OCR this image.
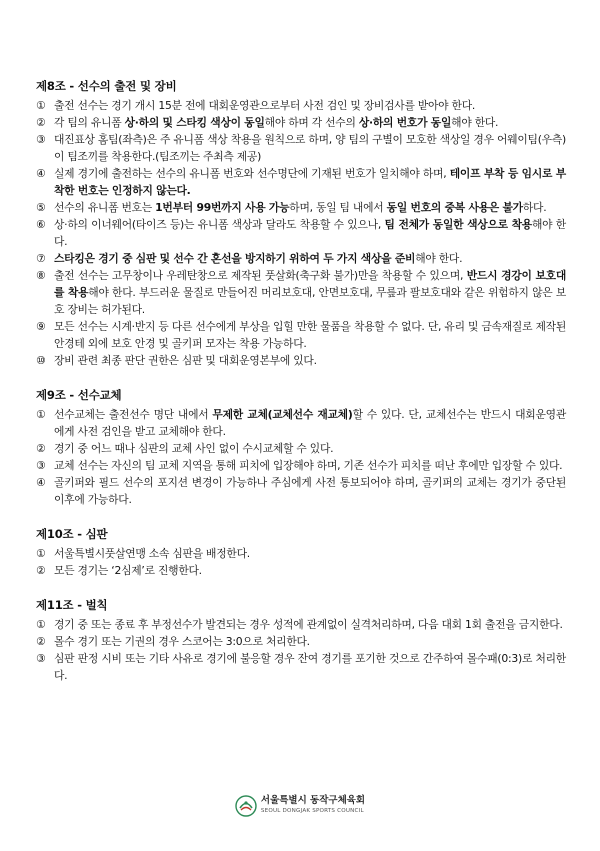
제8조 - 선수의 출전 및 장비
① 출전 선수는 경기 개시 15분 전에 대회운영관으로부터 사전 검인 및 장비검사를 받아야 한다.
② 각 팀의 유니폼 상·하의 및 스타킹 색상이 동일해야 하며 각 선수의 상·하의 번호가 동일해야 한다.
③ 대진표상 홈팀(좌측)은 주 유니폼 색상 착용을 원칙으로 하며, 양 팀의 구별이 모호한 색상일 경우 어웨이팀(우측)이 팀조끼를 착용한다.(팀조끼는 주최측 제공)
④ 실제 경기에 출전하는 선수의 유니폼 번호와 선수명단에 기재된 번호가 일치해야 하며, 테이프 부착 등 임시로 부착한 번호는 인정하지 않는다.
⑤ 선수의 유니폼 번호는 1번부터 99번까지 사용 가능하며, 동일 팀 내에서 동일 번호의 중복 사용은 불가하다.
⑥ 상·하의 이너웨어(타이즈 등)는 유니폼 색상과 달라도 착용할 수 있으나, 팀 전체가 동일한 색상으로 착용해야 한다.
⑦ 스타킹은 경기 중 심판 및 선수 간 혼선을 방지하기 위하여 두 가지 색상을 준비해야 한다.
⑧ 출전 선수는 고무창이나 우레탄창으로 제작된 풋살화(축구화 불가)만을 착용할 수 있으며, 반드시 경강이 보호대를 착용해야 한다. 부드러운 물질로 만들어진 머리보호대, 안면보호대, 무릎과 팔보호대와 같은 위험하지 않은 보호 장비는 허가된다.
⑨ 모든 선수는 시계·반지 등 다른 선수에게 부상을 입힐 만한 물품을 착용할 수 없다. 단, 유리 및 금속재질로 제작된 안경테 외에 보호 안경 및 골키퍼 모자는 착용 가능하다.
⑩ 장비 관련 최종 판단 권한은 심판 및 대회운영본부에 있다.
제9조 - 선수교체
① 선수교체는 출전선수 명단 내에서 무제한 교체(교체선수 재교체)할 수 있다. 단, 교체선수는 반드시 대회운영관에게 사전 검인을 받고 교체해야 한다.
② 경기 중 어느 때나 심판의 교체 사인 없이 수시교체할 수 있다.
③ 교체 선수는 자신의 팀 교체 지역을 통해 피치에 입장해야 하며, 기존 선수가 피치를 떠난 후에만 입장할 수 있다.
④ 골키퍼와 필드 선수의 포지션 변경이 가능하나 주심에게 사전 통보되어야 하며, 골키퍼의 교체는 경기가 중단된 이후에 가능하다.
제10조 - 심판
① 서울특별시풋살연맹 소속 심판을 배정한다.
② 모든 경기는 ‘2심제’로 진행한다.
제11조 - 벌칙
① 경기 중 또는 종료 후 부정선수가 발견되는 경우 성적에 관계없이 실격처리하며, 다음 대회 1회 출전을 금지한다.
② 몰수 경기 또는 기권의 경우 스코어는 3:0으로 처리한다.
③ 심판 판정 시비 또는 기타 사유로 경기에 불응할 경우 잔여 경기를 포기한 것으로 간주하여 몰수패(0:3)로 처리한다.
서울특별시 동작구체육회
SEOUL DONGJAK SPORTS COUNCIL
